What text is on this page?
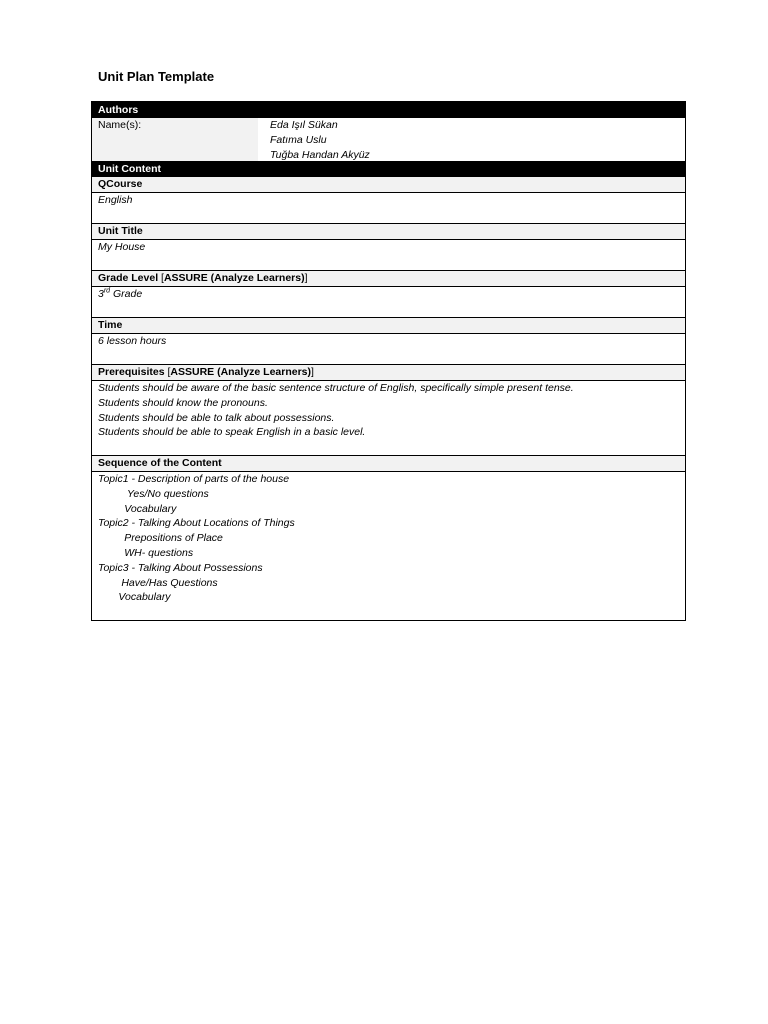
Unit Plan Template
Authors
Name(s):	Eda Işıl Sükan
Fatıma Uslu
Tuğba Handan Akyüz
Unit Content
QCourse
English
Unit Title
My House
Grade Level [ASSURE (Analyze Learners)]
3rd Grade
Time
6 lesson hours
Prerequisites [ASSURE (Analyze Learners)]
Students should be aware of the basic sentence structure of English, specifically simple present tense.
Students should know the pronouns.
Students should be able to talk about possessions.
Students should be able to speak English in a basic level.
Sequence of the Content
Topic1 - Description of parts of the house
Yes/No questions
Vocabulary
Topic2 - Talking About Locations of Things
Prepositions of Place
WH- questions
Topic3 - Talking About Possessions
Have/Has Questions
Vocabulary
